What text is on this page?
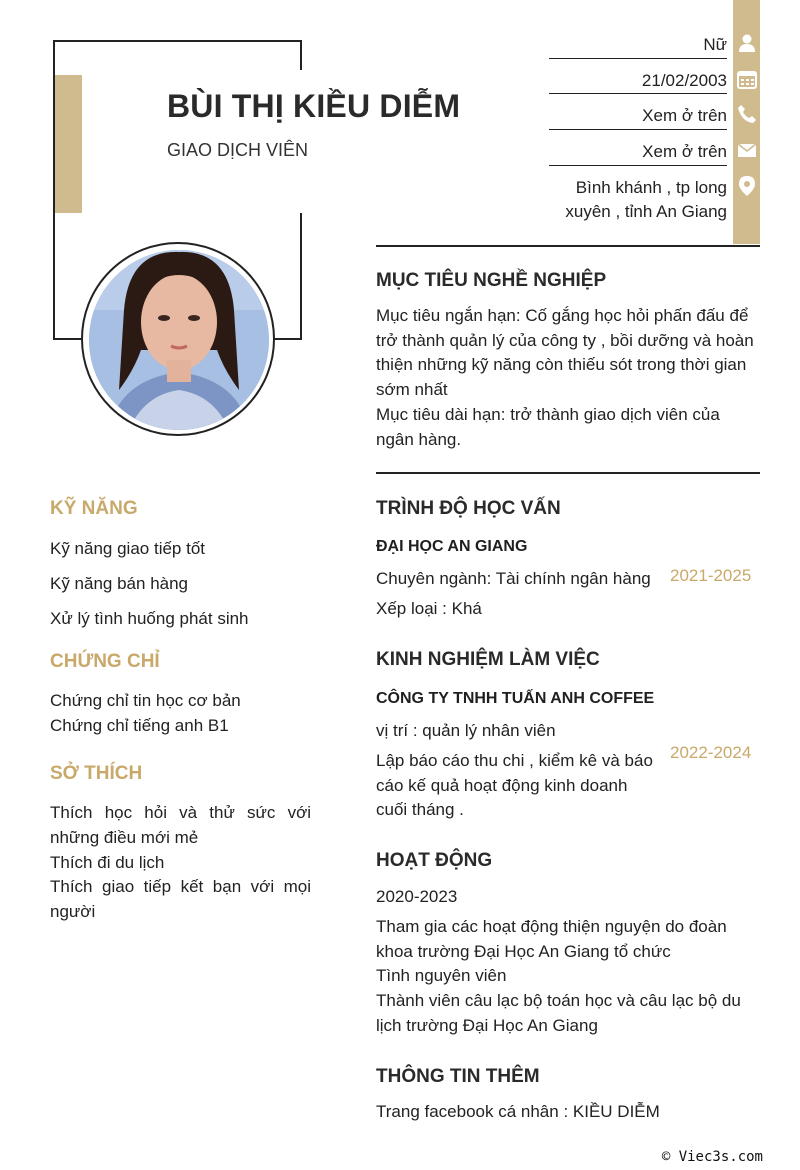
BÙI THỊ KIỀU DIỄM
GIAO DỊCH VIÊN
Nữ
21/02/2003
Xem ở trên
Xem ở trên
Bình khánh , tp long xuyên , tỉnh An Giang
MỤC TIÊU NGHỀ NGHIỆP
Mục tiêu ngắn hạn: Cố gắng học hỏi phấn đấu để trở thành quản lý của công ty , bồi dưỡng và hoàn thiện những kỹ năng còn thiếu sót trong thời gian sớm nhất
Mục tiêu dài hạn: trở thành giao dịch viên của ngân hàng.
KỸ NĂNG
Kỹ năng giao tiếp tốt
Kỹ năng bán hàng
Xử lý tình huống phát sinh
CHỨNG CHỈ
Chứng chỉ tin học cơ bản
Chứng chỉ tiếng anh B1
SỞ THÍCH
Thích học hỏi và thử sức với những điều mới mẻ
Thích đi du lịch
Thích giao tiếp kết bạn với mọi người
TRÌNH ĐỘ HỌC VẤN
ĐẠI HỌC AN GIANG
Chuyên ngành: Tài chính ngân hàng
Xếp loại : Khá
2021-2025
KINH NGHIỆM LÀM VIỆC
CÔNG TY TNHH TUẤN ANH COFFEE
vị trí : quản lý nhân viên
Lập báo cáo thu chi , kiểm kê và báo cáo kế quả hoạt động kinh doanh cuối tháng .
2022-2024
HOẠT ĐỘNG
2020-2023
Tham gia các hoạt động thiện nguyện do đoàn khoa trường Đại Học An Giang tổ chức
Tình nguyên viên
Thành viên câu lạc bộ toán học và câu lạc bộ du lịch trường Đại Học An Giang
THÔNG TIN THÊM
Trang facebook cá nhân : KIỀU DIỄM
© Viec3s.com
